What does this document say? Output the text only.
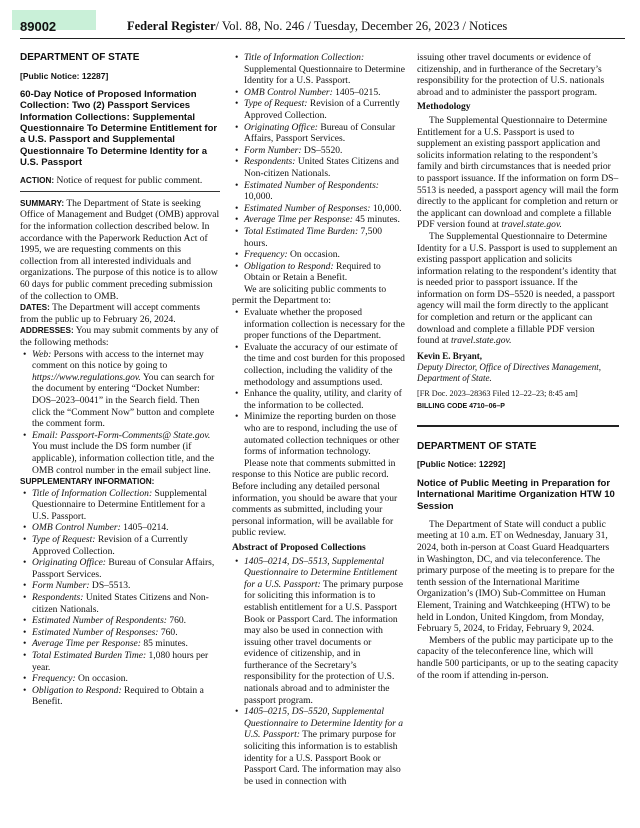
89002	Federal Register / Vol. 88, No. 246 / Tuesday, December 26, 2023 / Notices
DEPARTMENT OF STATE
[Public Notice: 12287]
60-Day Notice of Proposed Information Collection: Two (2) Passport Services Information Collections: Supplemental Questionnaire To Determine Entitlement for a U.S. Passport and Supplemental Questionnaire To Determine Identity for a U.S. Passport

ACTION: Notice of request for public comment.

SUMMARY: The Department of State is seeking Office of Management and Budget (OMB) approval for the information collection described below. In accordance with the Paperwork Reduction Act of 1995, we are requesting comments on this collection from all interested individuals and organizations. The purpose of this notice is to allow 60 days for public comment preceding submission of the collection to OMB.

DATES: The Department will accept comments from the public up to February 26, 2024.

ADDRESSES: You may submit comments by any of the following methods:

• Web: Persons with access to the internet may comment on this notice by going to https://www.regulations.gov. You can search for the document by entering “Docket Number: DOS–2023–0041” in the Search field. Then click the “Comment Now” button and complete the comment form.

• Email: Passport-Form-Comments@ State.gov. You must include the DS form number (if applicable), information collection title, and the OMB control number in the email subject line.

SUPPLEMENTARY INFORMATION:

• Title of Information Collection: Supplemental Questionnaire to Determine Entitlement for a U.S. Passport.

• OMB Control Number: 1405–0214.

• Type of Request: Revision of a Currently Approved Collection.

• Originating Office: Bureau of Consular Affairs, Passport Services.

• Form Number: DS–5513.

• Respondents: United States Citizens and Non-citizen Nationals.

• Estimated Number of Respondents: 760.

• Estimated Number of Responses: 760.

• Average Time per Response: 85 minutes.

• Total Estimated Burden Time: 1,080 hours per year.

• Frequency: On occasion.

• Obligation to Respond: Required to Obtain a Benefit.

• Title of Information Collection: Supplemental Questionnaire to Determine Identity for a U.S. Passport.

• OMB Control Number: 1405–0215.

• Type of Request: Revision of a Currently Approved Collection.

• Originating Office: Bureau of Consular Affairs, Passport Services.

• Form Number: DS–5520.

• Respondents: United States Citizens and Non-citizen Nationals.

• Estimated Number of Respondents: 10,000.

• Estimated Number of Responses: 10,000.

• Average Time per Response: 45 minutes.

• Total Estimated Time Burden: 7,500 hours.

• Frequency: On occasion.

• Obligation to Respond: Required to Obtain or Retain a Benefit.

We are soliciting public comments to permit the Department to:

• Evaluate whether the proposed information collection is necessary for the proper functions of the Department.

• Evaluate the accuracy of our estimate of the time and cost burden for this proposed collection, including the validity of the methodology and assumptions used.

• Enhance the quality, utility, and clarity of the information to be collected.

• Minimize the reporting burden on those who are to respond, including the use of automated collection techniques or other forms of information technology.

Please note that comments submitted in response to this Notice are public record. Before including any detailed personal information, you should be aware that your comments as submitted, including your personal information, will be available for public review.

Abstract of Proposed Collections

• 1405–0214, DS–5513, Supplemental Questionnaire to Determine Entitlement for a U.S. Passport: The primary purpose for soliciting this information is to establish entitlement for a U.S. Passport Book or Passport Card. The information may also be used in connection with issuing other travel documents or evidence of citizenship, and in furtherance of the Secretary’s responsibility for the protection of U.S. nationals abroad and to administer the passport program.

• 1405–0215, DS–5520, Supplemental Questionnaire to Determine Identity for a U.S. Passport: The primary purpose for soliciting this information is to establish identity for a U.S. Passport Book or Passport Card. The information may also be used in connection with

issuing other travel documents or evidence of citizenship, and in furtherance of the Secretary’s responsibility for the protection of U.S. nationals abroad and to administer the passport program.

Methodology

The Supplemental Questionnaire to Determine Entitlement for a U.S. Passport is used to supplement an existing passport application and solicits information relating to the respondent’s family and birth circumstances that is needed prior to passport issuance. If the information on form DS–5513 is needed, a passport agency will mail the form directly to the applicant for completion and return or the applicant can download and complete a fillable PDF version found at travel.state.gov.

The Supplemental Questionnaire to Determine Identity for a U.S. Passport is used to supplement an existing passport application and solicits information relating to the respondent’s identity that is needed prior to passport issuance. If the information on form DS–5520 is needed, a passport agency will mail the form directly to the applicant for completion and return or the applicant can download and complete a fillable PDF version found at travel.state.gov.

Kevin E. Bryant,
Deputy Director, Office of Directives Management, Department of State.
[FR Doc. 2023–28363 Filed 12–22–23; 8:45 am]
BILLING CODE 4710–06–P
DEPARTMENT OF STATE
[Public Notice: 12292]
Notice of Public Meeting in Preparation for International Maritime Organization HTW 10 Session

The Department of State will conduct a public meeting at 10 a.m. ET on Wednesday, January 31, 2024, both in-person at Coast Guard Headquarters in Washington, DC, and via teleconference. The primary purpose of the meeting is to prepare for the tenth session of the International Maritime Organization’s (IMO) Sub-Committee on Human Element, Training and Watchkeeping (HTW) to be held in London, United Kingdom, from Monday, February 5, 2024, to Friday, February 9, 2024.

Members of the public may participate up to the capacity of the teleconference line, which will handle 500 participants, or up to the seating capacity of the room if attending in-person.
